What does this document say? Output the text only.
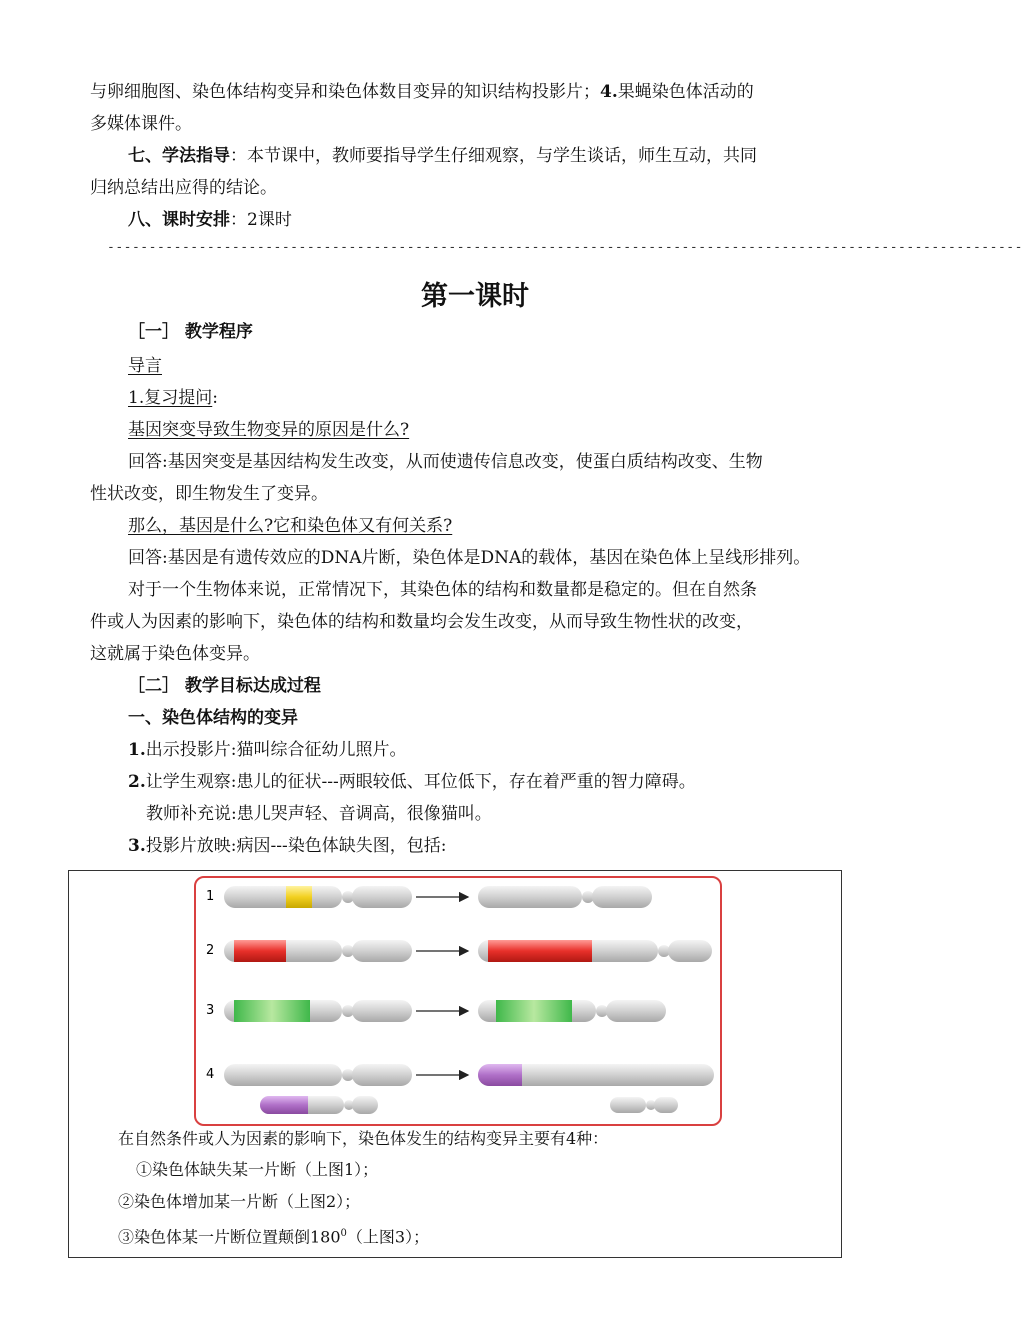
与卵细胞图、染色体结构变异和染色体数目变异的知识结构投影片；4.果蝇染色体活动的
多媒体课件。
七、学法指导：本节课中，教师要指导学生仔细观察，与学生谈话，师生互动，共同
归纳总结出应得的结论。
八、课时安排：2课时
--------------------------------------------------------------------------------------------------------------
第一课时
［一］ 教学程序
导言
1.复习提问:
基因突变导致生物变异的原因是什么?
回答:基因突变是基因结构发生改变，从而使遗传信息改变，使蛋白质结构改变、生物
性状改变，即生物发生了变异。
那么，基因是什么?它和染色体又有何关系?
回答:基因是有遗传效应的DNA片断，染色体是DNA的载体，基因在染色体上呈线形排列。
对于一个生物体来说，正常情况下，其染色体的结构和数量都是稳定的。但在自然条
件或人为因素的影响下，染色体的结构和数量均会发生改变，从而导致生物性状的改变，
这就属于染色体变异。
［二］ 教学目标达成过程
一、染色体结构的变异
1.出示投影片:猫叫综合征幼儿照片。
2.让学生观察:患儿的征状---两眼较低、耳位低下，存在着严重的智力障碍。
教师补充说:患儿哭声轻、音调高，很像猫叫。
3.投影片放映:病因---染色体缺失图，包括:
1
2
3
4
在自然条件或人为因素的影响下，染色体发生的结构变异主要有4种：
①染色体缺失某一片断（上图1）；
②染色体增加某一片断（上图2）；
③染色体某一片断位置颠倒$180^0$（上图3）；
